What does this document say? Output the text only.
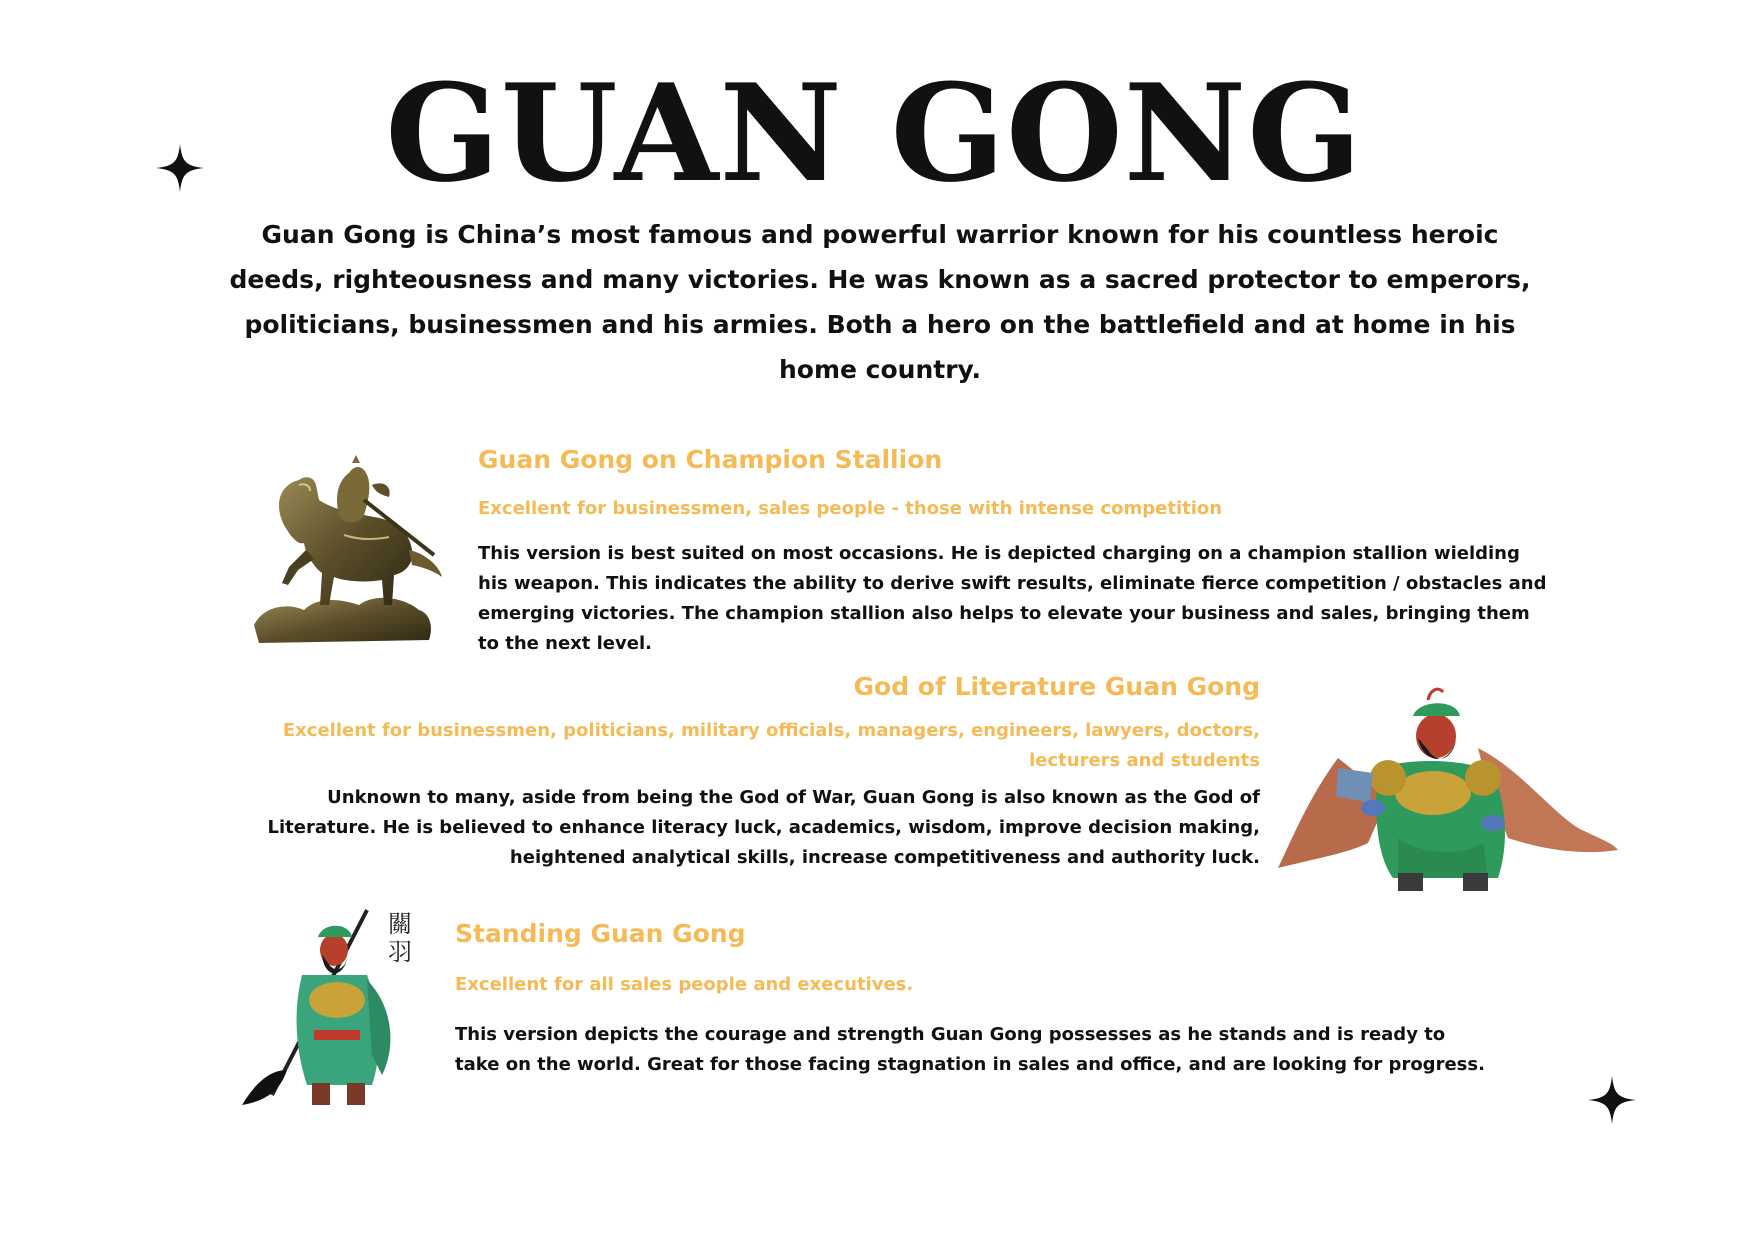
GUAN GONG

Guan Gong is China’s most famous and powerful warrior known for his countless heroic deeds, righteousness and many victories. He was known as a sacred protector to emperors, politicians, businessmen and his armies. Both a hero on the battlefield and at home in his home country.

Guan Gong on Champion Stallion

Excellent for businessmen, sales people - those with intense competition

This version is best suited on most occasions. He is depicted charging on a champion stallion wielding his weapon. This indicates the ability to derive swift results, eliminate fierce competition / obstacles and emerging victories. The champion stallion also helps to elevate your business and sales, bringing them to the next level.

God of Literature Guan Gong

Excellent for businessmen, politicians, military officials, managers, engineers, lawyers, doctors, lecturers and students

Unknown to many, aside from being the God of War, Guan Gong is also known as the God of Literature. He is believed to enhance literacy luck, academics, wisdom, improve decision making, heightened analytical skills, increase competitiveness and authority luck.

關羽
Standing Guan Gong

Excellent for all sales people and executives.

This version depicts the courage and strength Guan Gong possesses as he stands and is ready to take on the world. Great for those facing stagnation in sales and office, and are looking for progress.
